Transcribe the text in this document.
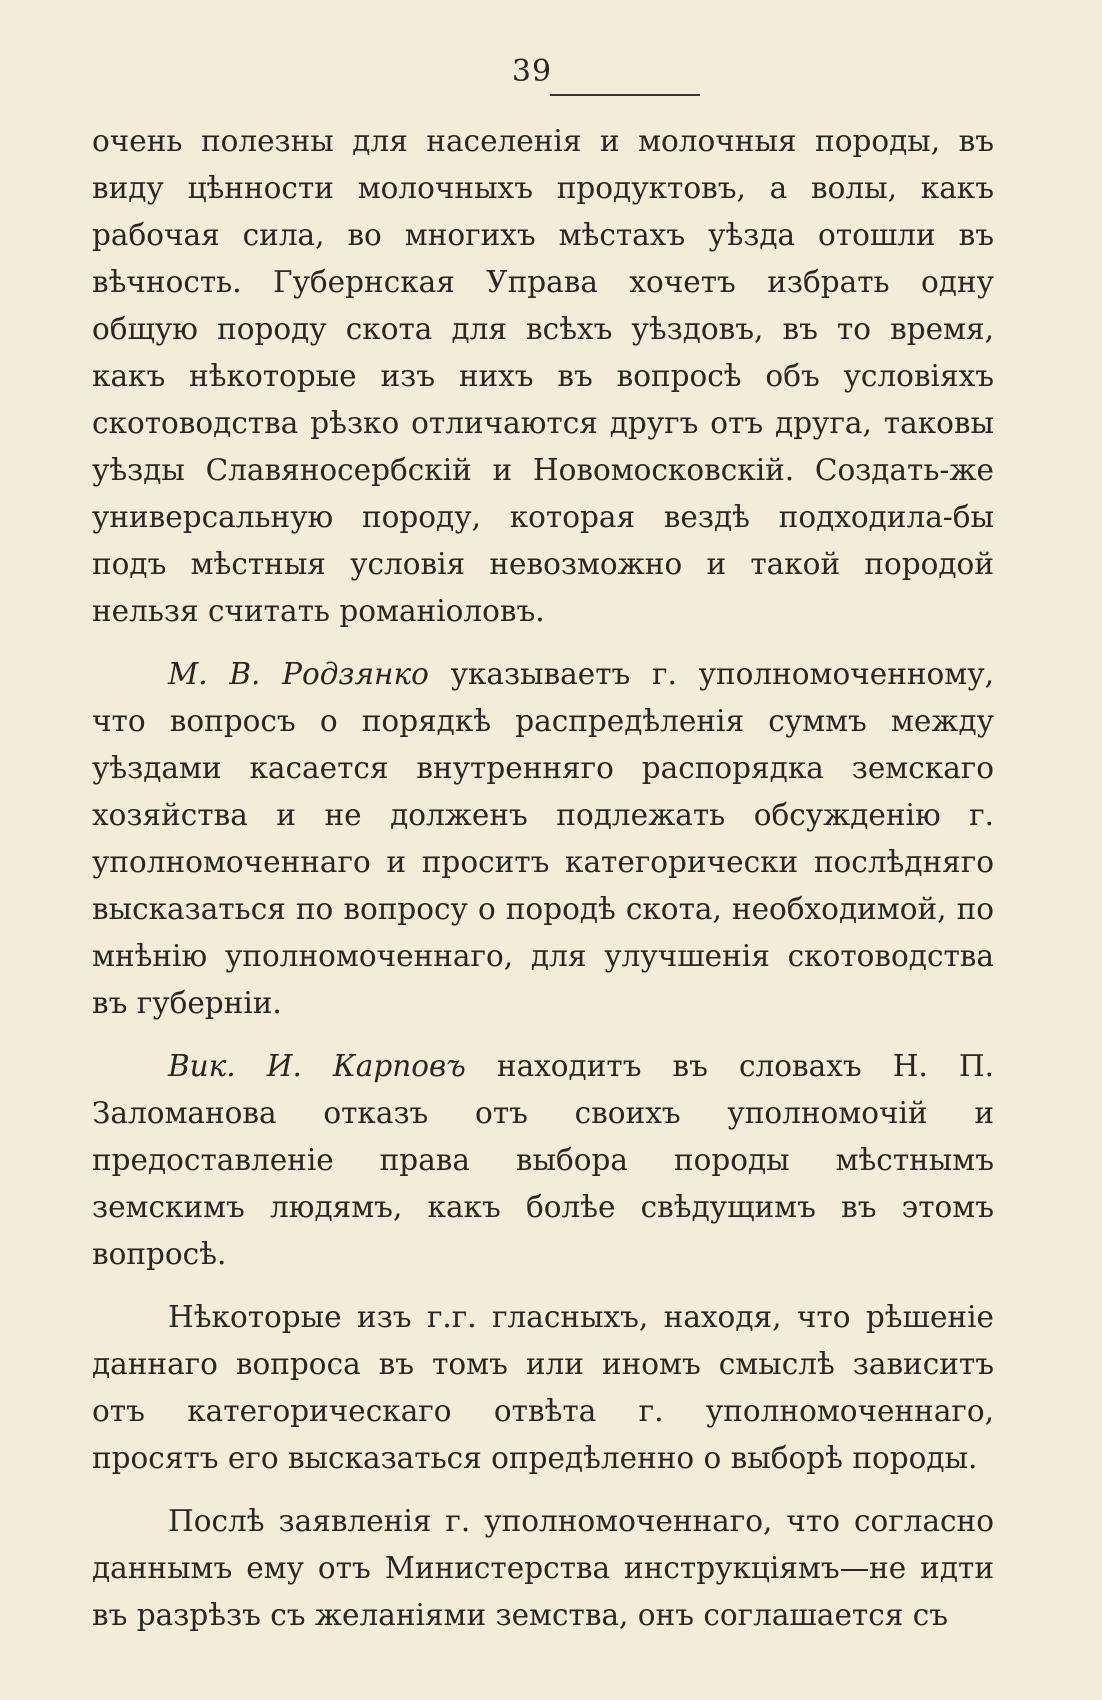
39

очень полезны для населенія и молочныя породы, въ виду цѣнности молочныхъ продуктовъ, а волы, какъ рабочая сила, во многихъ мѣстахъ уѣзда отошли въ вѣчность. Губернская Управа хочетъ избрать одну общую породу скота для всѣхъ уѣздовъ, въ то время, какъ нѣкоторые изъ нихъ въ вопросѣ объ условіяхъ скотоводства рѣзко отличаются другъ отъ друга, таковы уѣзды Славяносербскій и Новомосковскій. Создать-же универсальную породу, которая вездѣ подходила-бы подъ мѣстныя условія невозможно и такой породой нельзя считать романіоловъ.

М. В. Родзянко указываетъ г. уполномоченному, что вопросъ о порядкѣ распредѣленія суммъ между уѣздами касается внутренняго распорядка земскаго хозяйства и не долженъ подлежать обсужденію г. уполномоченнаго и проситъ категорически послѣдняго высказаться по вопросу о породѣ скота, необходимой, по мнѣнію уполномоченнаго, для улучшенія скотоводства въ губерніи.

Вик. И. Карповъ находитъ въ словахъ Н. П. Заломанова отказъ отъ своихъ уполномочій и предоставленіе права выбора породы мѣстнымъ земскимъ людямъ, какъ болѣе свѣдущимъ въ этомъ вопросѣ.

Нѣкоторые изъ г.г. гласныхъ, находя, что рѣшеніе даннаго вопроса въ томъ или иномъ смыслѣ зависитъ отъ категорическаго отвѣта г. уполномоченнаго, просятъ его высказаться опредѣленно о выборѣ породы.

Послѣ заявленія г. уполномоченнаго, что согласно даннымъ ему отъ Министерства инструкціямъ—не идти въ разрѣзъ съ желаніями земства, онъ соглашается съ
